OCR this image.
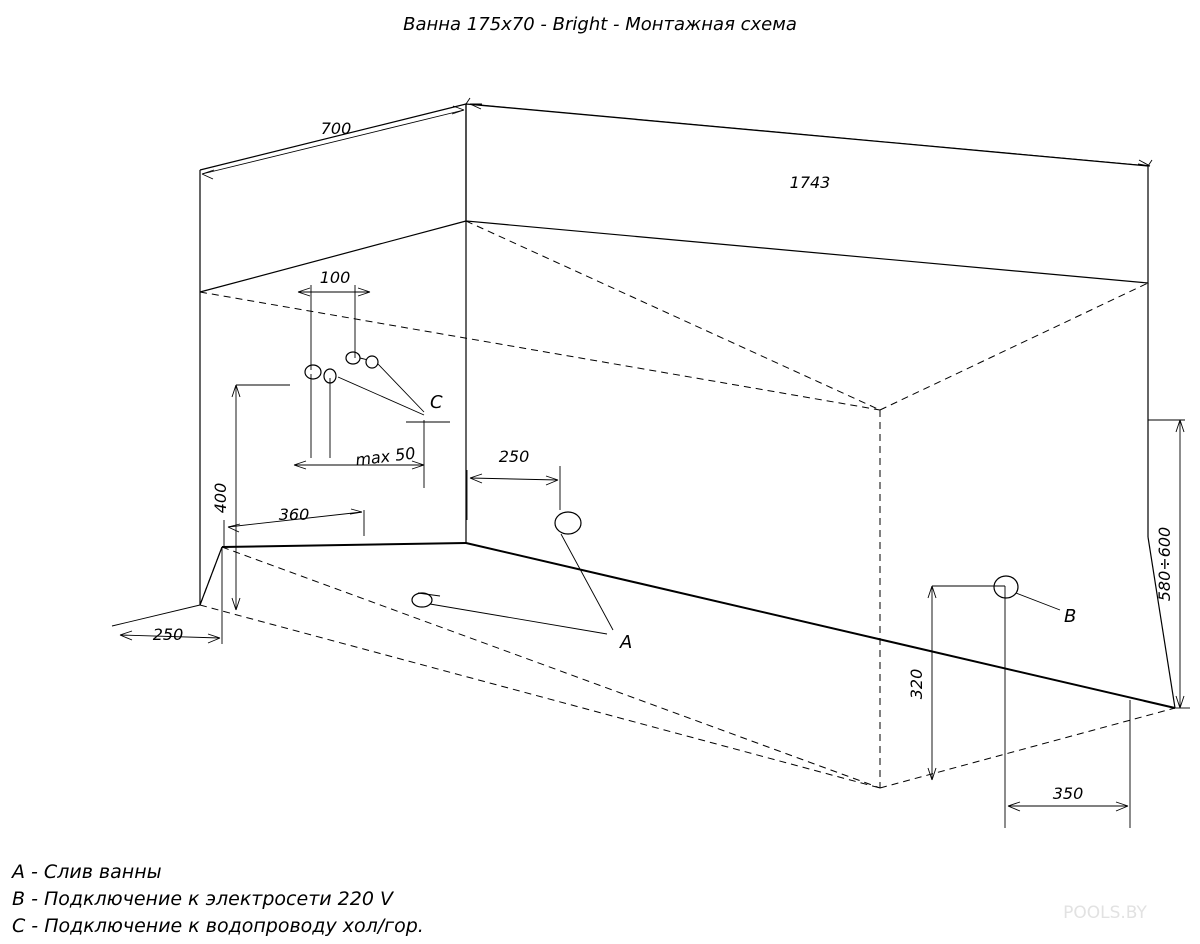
Ванна 175x70 - Bright - Монтажная схема
700
1743
580÷600
100
max 50
400
360
250
250
320
350
A
B
C
POOLS.BY
A - Слив ванны
B - Подключение к электросети 220 V
C - Подключение к водопроводу хол/гор.
